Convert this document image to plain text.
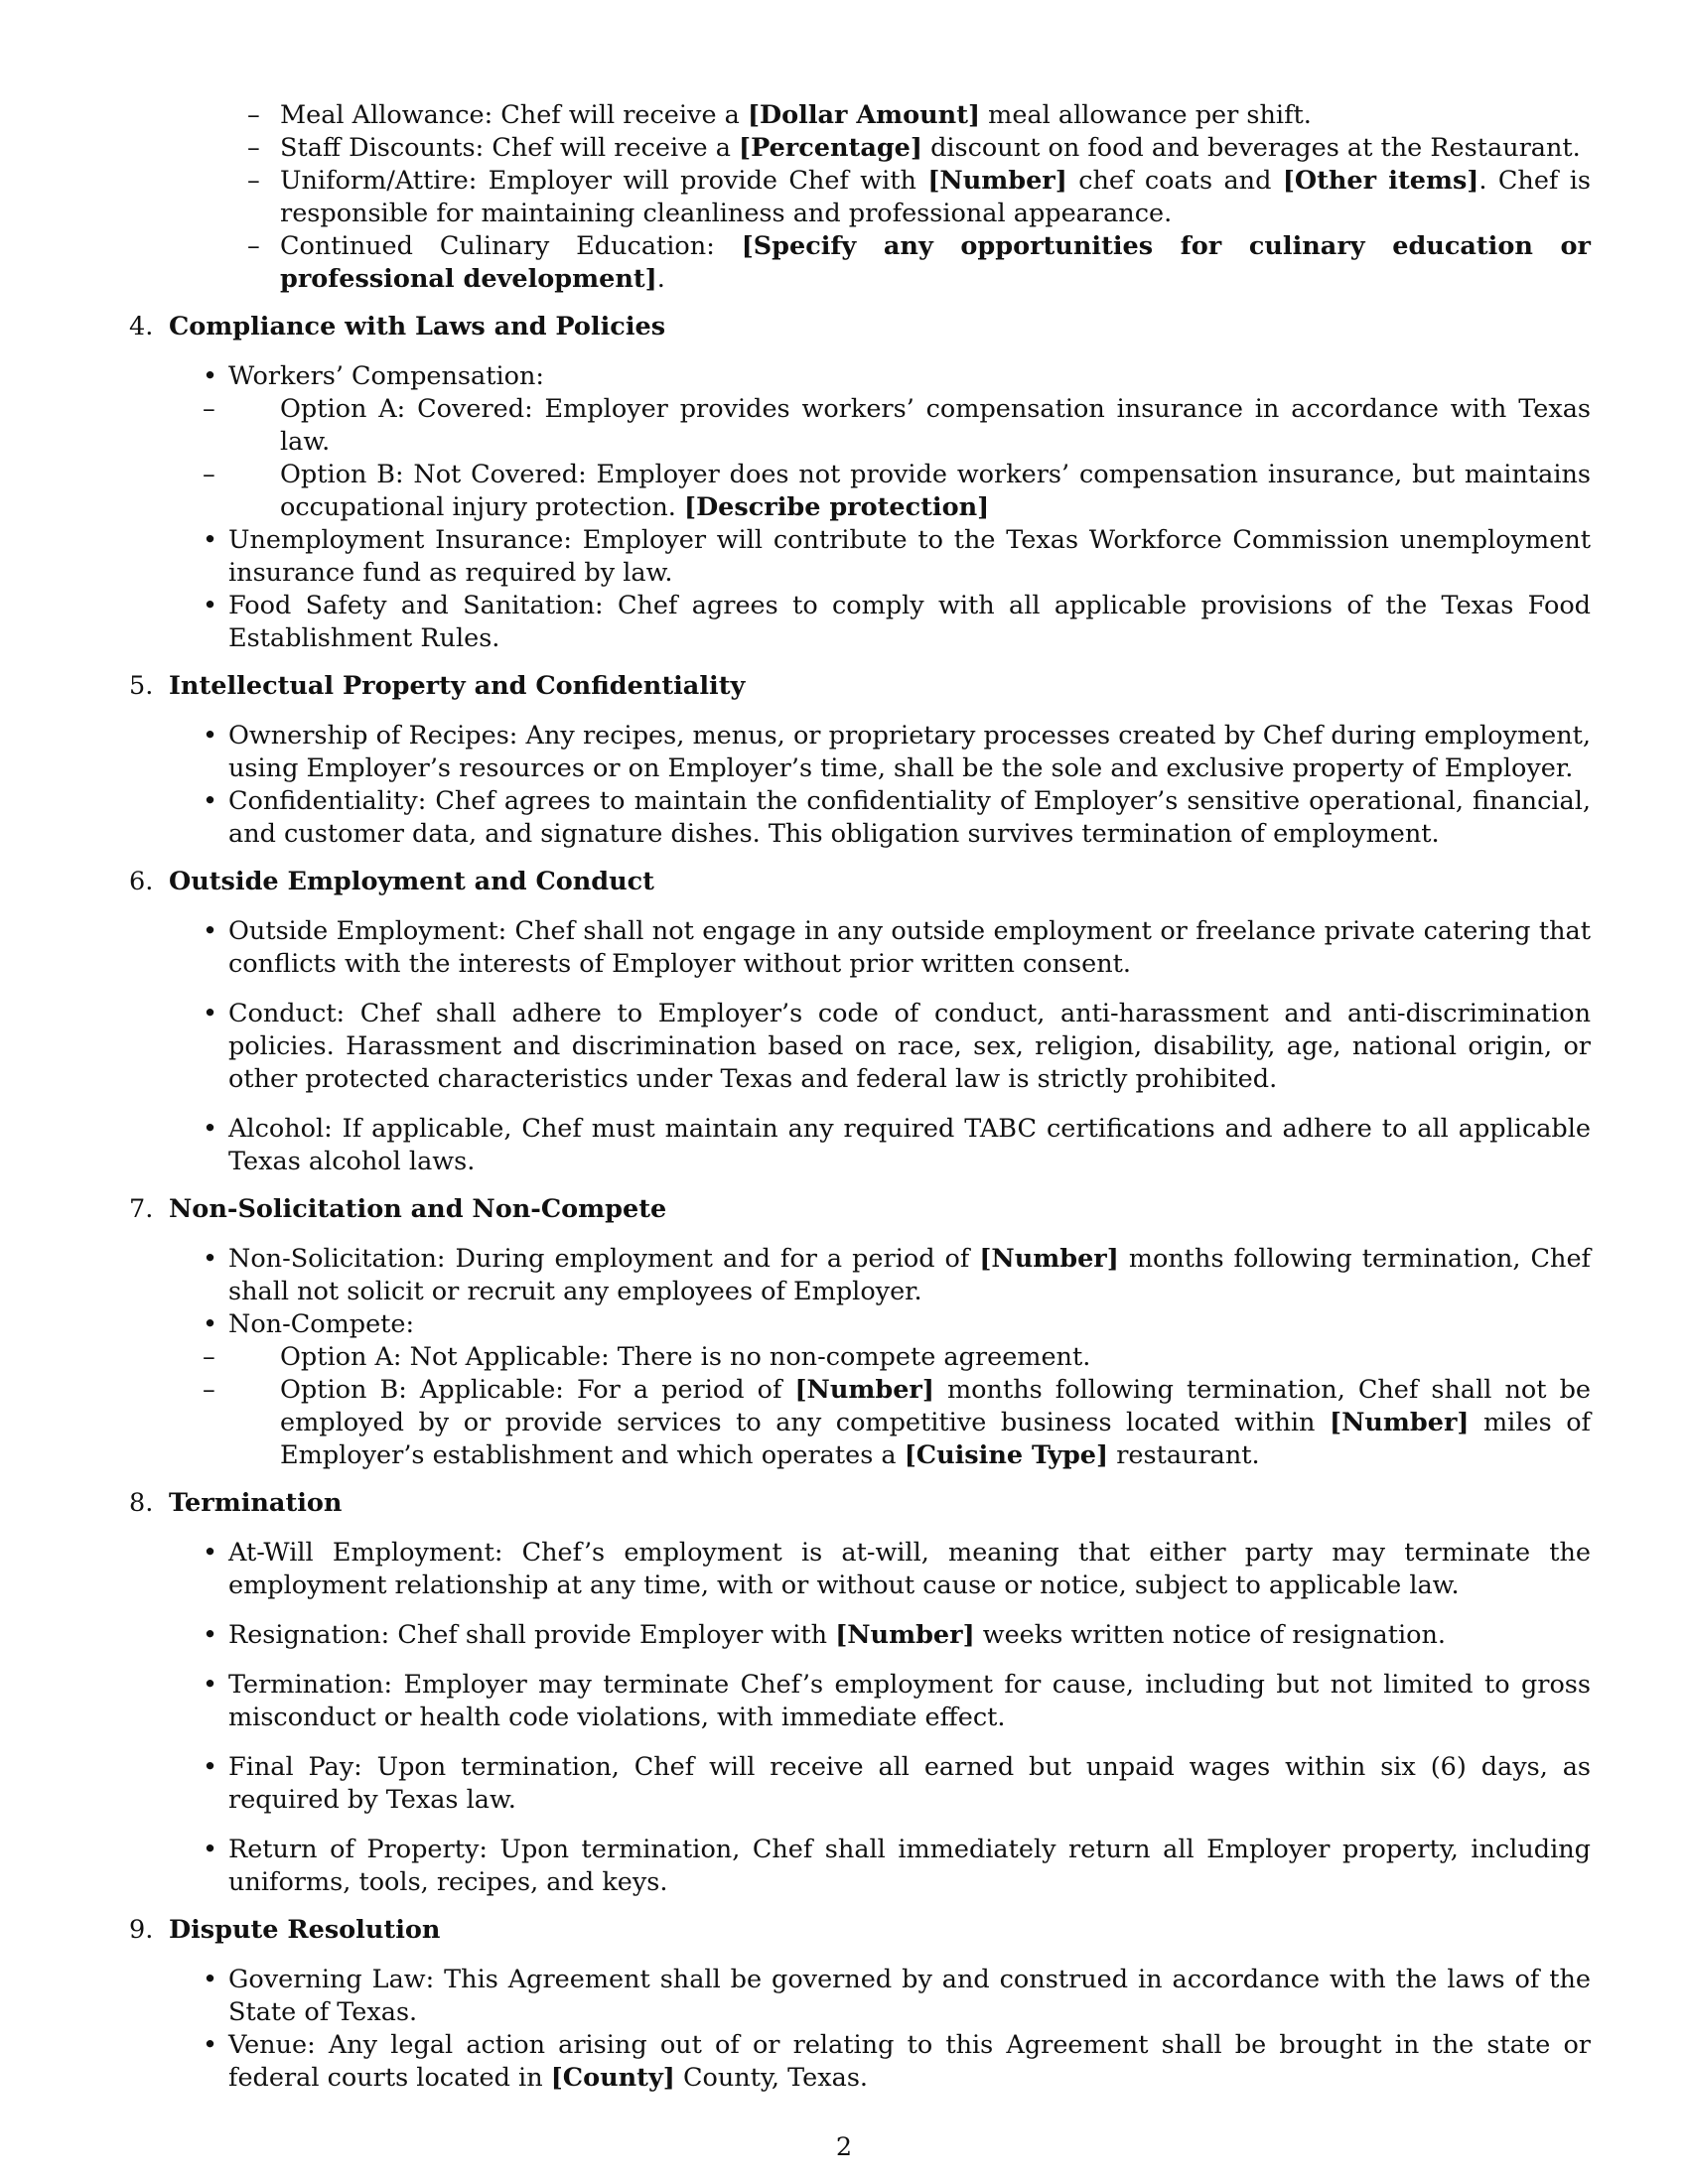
– Meal Allowance: Chef will receive a [Dollar Amount] meal allowance per shift.
– Staff Discounts: Chef will receive a [Percentage] discount on food and beverages at the Restaurant.
– Uniform/Attire: Employer will provide Chef with [Number] chef coats and [Other items]. Chef is responsible for maintaining cleanliness and professional appearance.
– Continued Culinary Education: [Specify any opportunities for culinary education or professional development].
4. Compliance with Laws and Policies
• Workers’ Compensation:
–	Option A: Covered: Employer provides workers’ compensation insurance in accordance with Texas law.
–	Option B: Not Covered: Employer does not provide workers’ compensation insurance, but maintains occupational injury protection. [Describe protection]
• Unemployment Insurance: Employer will contribute to the Texas Workforce Commission unemployment insurance fund as required by law.
• Food Safety and Sanitation: Chef agrees to comply with all applicable provisions of the Texas Food Establishment Rules.
5. Intellectual Property and Confidentiality
• Ownership of Recipes: Any recipes, menus, or proprietary processes created by Chef during employment, using Employer’s resources or on Employer’s time, shall be the sole and exclusive property of Employer.
• Confidentiality: Chef agrees to maintain the confidentiality of Employer’s sensitive operational, financial, and customer data, and signature dishes. This obligation survives termination of employment.
6. Outside Employment and Conduct
• Outside Employment: Chef shall not engage in any outside employment or freelance private catering that conflicts with the interests of Employer without prior written consent.
• Conduct: Chef shall adhere to Employer’s code of conduct, anti-harassment and anti-discrimination policies. Harassment and discrimination based on race, sex, religion, disability, age, national origin, or other protected characteristics under Texas and federal law is strictly prohibited.
• Alcohol: If applicable, Chef must maintain any required TABC certifications and adhere to all applicable Texas alcohol laws.
7. Non-Solicitation and Non-Compete
• Non-Solicitation: During employment and for a period of [Number] months following termination, Chef shall not solicit or recruit any employees of Employer.
• Non-Compete:
–	Option A: Not Applicable: There is no non-compete agreement.
–	Option B: Applicable: For a period of [Number] months following termination, Chef shall not be employed by or provide services to any competitive business located within [Number] miles of Employer’s establishment and which operates a [Cuisine Type] restaurant.
8. Termination
• At-Will Employment: Chef’s employment is at-will, meaning that either party may terminate the employment relationship at any time, with or without cause or notice, subject to applicable law.
• Resignation: Chef shall provide Employer with [Number] weeks written notice of resignation.
• Termination: Employer may terminate Chef’s employment for cause, including but not limited to gross misconduct or health code violations, with immediate effect.
• Final Pay: Upon termination, Chef will receive all earned but unpaid wages within six (6) days, as required by Texas law.
• Return of Property: Upon termination, Chef shall immediately return all Employer property, including uniforms, tools, recipes, and keys.
9. Dispute Resolution
• Governing Law: This Agreement shall be governed by and construed in accordance with the laws of the State of Texas.
• Venue: Any legal action arising out of or relating to this Agreement shall be brought in the state or federal courts located in [County] County, Texas.
2
